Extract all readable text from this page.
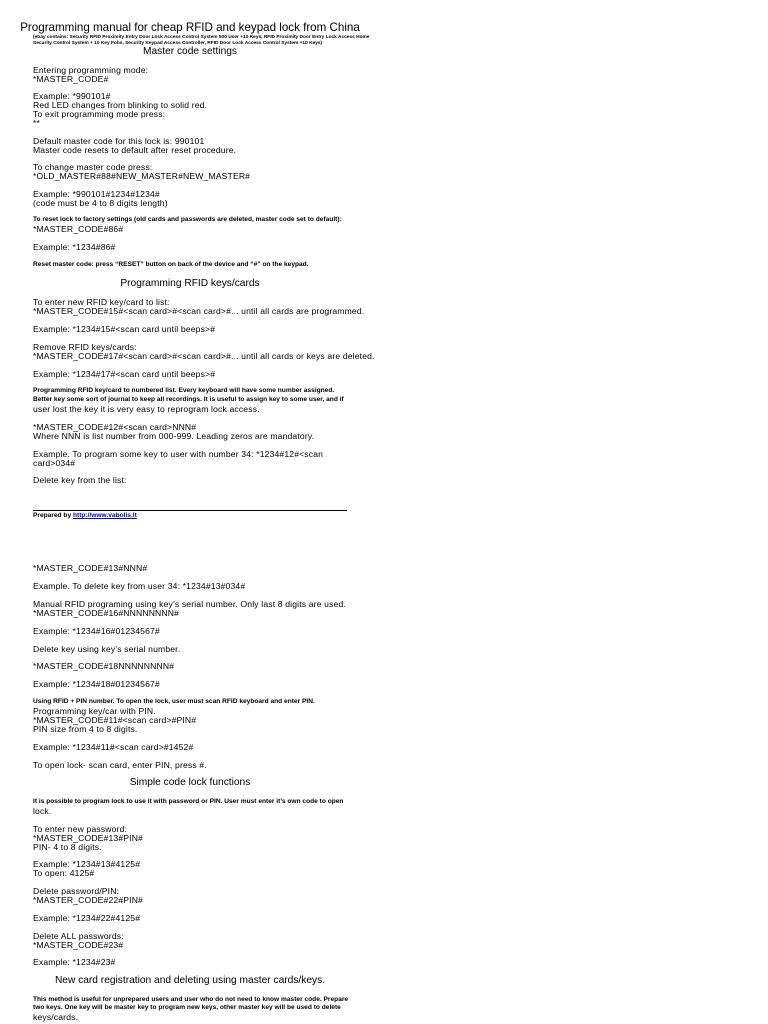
Programming manual for cheap RFID and keypad lock from China
(ebay contains: Security RFID Proximity Entry Door Lock Access Control System 500 User +10 Keys, RFID Proximity Door Entry Lock Access Home
Security Control System + 10 Key Fobs, Security Keypad Access Controller, RFID Door Lock Access Control System +10 Keys)
Master code settings
Entering programming mode:
*MASTER_CODE#
Example: *990101#
Red LED changes from blinking to solid red.
To exit programming mode press:
**
Default master code for this lock is: 990101
Master code resets to default after reset procedure.
To change master code press:
*OLD_MASTER#88#NEW_MASTER#NEW_MASTER#
Example: *990101#1234#1234#
(code must be 4 to 8 digits length)
To reset lock to factory settings (old cards and passwords are deleted, master code set to default):
*MASTER_CODE#86#
Example: *1234#86#
Reset master code: press “RESET” button on back of the device and “#” on the keypad.
Programming RFID keys/cards
To enter new RFID key/card to list:
*MASTER_CODE#15#<scan card>#<scan card>#... until all cards are programmed.
Example: *1234#15#<scan card until beeps>#
Remove RFID keys/cards:
*MASTER_CODE#17#<scan card>#<scan card>#... until all cards or keys are deleted.
Example: *1234#17#<scan card until beeps>#
Programming RFID key/card to numbered list. Every keyboard will have some number assigned.
Better key some sort of journal to keep all recordings. It is useful to assign key to some user, and if
user lost the key it is very easy to reprogram lock access.
*MASTER_CODE#12#<scan card>NNN#
Where NNN is list number from 000-999. Leading zeros are mandatory.
Example. To program some key to user with number 34: *1234#12#<scan
card>034#
Delete key from the list:
Prepared by http://www.vabolis.lt
*MASTER_CODE#13#NNN#
Example. To delete key from user 34: *1234#13#034#
Manual RFID programing using key’s serial number. Only last 8 digits are used.
*MASTER_CODE#16#NNNNNNNN#
Example: *1234#16#01234567#
Delete key using key’s serial number.
*MASTER_CODE#18NNNNNNNN#
Example: *1234#18#01234567#
Using RFID + PIN number. To open the lock, user must scan RFID keyboard and enter PIN.
Programming key/car with PIN.
*MASTER_CODE#11#<scan card>#PIN#
PIN size from 4 to 8 digits.
Example: *1234#11#<scan card>#1452#
To open lock- scan card, enter PIN, press #.
Simple code lock functions
It is possible to program lock to use it with password or PIN. User must enter it’s own code to open
lock.
To enter new password:
*MASTER_CODE#13#PIN#
PIN- 4 to 8 digits.
Example: *1234#13#4125#
To open: 4125#
Delete password/PIN:
*MASTER_CODE#22#PIN#
Example: *1234#22#4125#
Delete ALL passwords:
*MASTER_CODE#23#
Example: *1234#23#
New card registration and deleting using master cards/keys.
This method is useful for unprepared users and user who do not need to know master code. Prepare
two keys. One key will be master key to program new keys, other master key will be used to delete
keys/cards.
